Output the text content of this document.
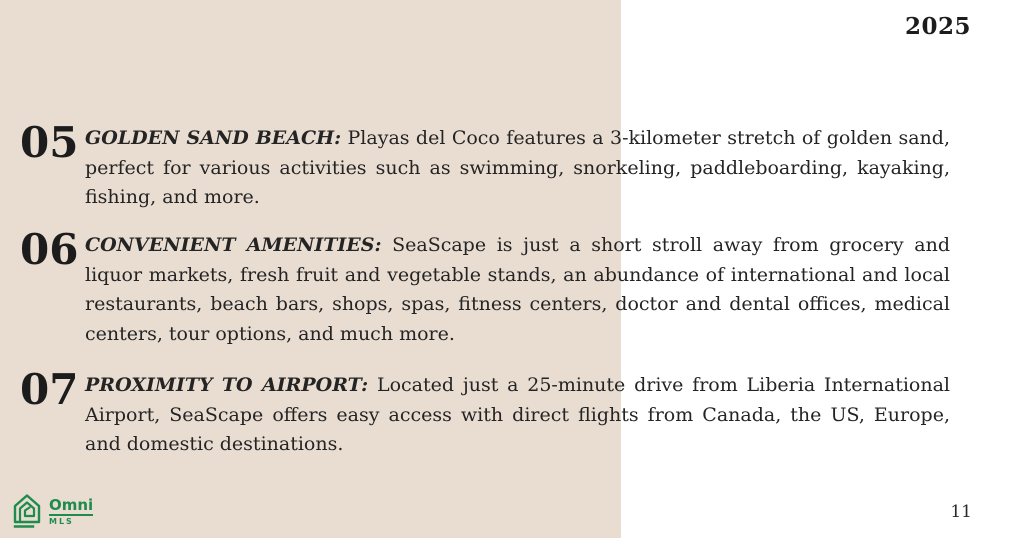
2025
05 GOLDEN SAND BEACH: Playas del Coco features a 3-kilometer stretch of golden sand, perfect for various activities such as swimming, snorkeling, paddleboarding, kayaking, fishing, and more.

06 CONVENIENT AMENITIES: SeaScape is just a short stroll away from grocery and liquor markets, fresh fruit and vegetable stands, an abundance of international and local restaurants, beach bars, shops, spas, fitness centers, doctor and dental offices, medical centers, tour options, and much more.

07 PROXIMITY TO AIRPORT: Located just a 25-minute drive from Liberia International Airport, SeaScape offers easy access with direct flights from Canada, the US, Europe, and domestic destinations.

Omni
MLS	11
